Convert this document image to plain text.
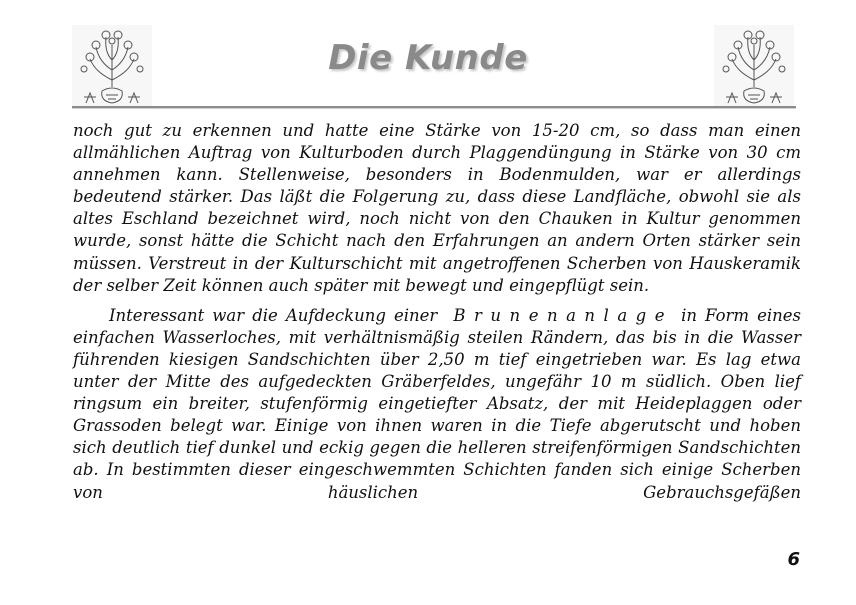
Die Kunde

noch gut zu erkennen und hatte eine Stärke von 15-20 cm, so dass man einen allmählichen Auftrag von Kulturboden durch Plaggendüngung in Stärke von 30 cm annehmen kann. Stellenweise, besonders in Bodenmulden, war er allerdings bedeutend stärker. Das läßt die Folgerung zu, dass diese Landfläche, obwohl sie als altes Eschland bezeichnet wird, noch nicht von den Chauken in Kultur genommen wurde, sonst hätte die Schicht nach den Erfahrungen an andern Orten stärker sein müssen. Verstreut in der Kulturschicht mit angetroffenen Scherben von Hauskeramik der selber Zeit können auch später mit bewegt und eingepflügt sein.

Interessant war die Aufdeckung einer Brunenanlage in Form eines einfachen Wasserloches, mit verhältnismäßig steilen Rändern, das bis in die Wasser führenden kiesigen Sandschichten über 2,50 m tief eingetrieben war. Es lag etwa unter der Mitte des aufgedeckten Gräberfeldes, ungefähr 10 m südlich. Oben lief ringsum ein breiter, stufenförmig eingetiefter Absatz, der mit Heideplaggen oder Grassoden belegt war. Einige von ihnen waren in die Tiefe abgerutscht und hoben sich deutlich tief dunkel und eckig gegen die helleren streifenförmigen Sandschichten ab. In bestimmten dieser eingeschwemmten Schichten fanden sich einige Scherben von häuslichen Gebrauchsgefäßen

6
